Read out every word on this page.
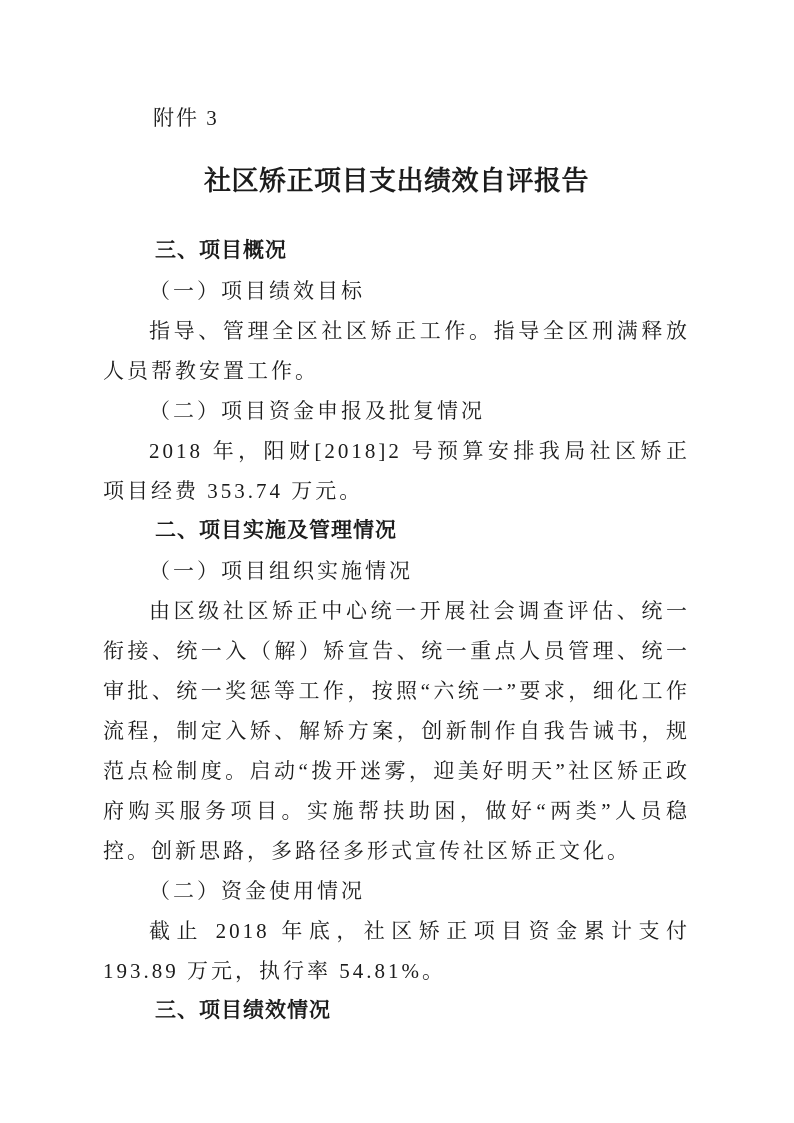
附件 3

社区矫正项目支出绩效自评报告
三、项目概况

（一）项目绩效目标

指导、管理全区社区矫正工作。指导全区刑满释放人员帮教安置工作。

（二）项目资金申报及批复情况

2018 年，阳财[2018]2 号预算安排我局社区矫正项目经费 353.74 万元。

二、项目实施及管理情况

（一）项目组织实施情况

由区级社区矫正中心统一开展社会调查评估、统一衔接、统一入（解）矫宣告、统一重点人员管理、统一审批、统一奖惩等工作，按照“六统一”要求，细化工作流程，制定入矫、解矫方案，创新制作自我告诫书，规范点检制度。启动“拨开迷雾，迎美好明天”社区矫正政府购买服务项目。实施帮扶助困，做好“两类”人员稳控。创新思路，多路径多形式宣传社区矫正文化。

（二）资金使用情况

截止 2018 年底，社区矫正项目资金累计支付 193.89 万元，执行率 54.81%。

三、项目绩效情况
